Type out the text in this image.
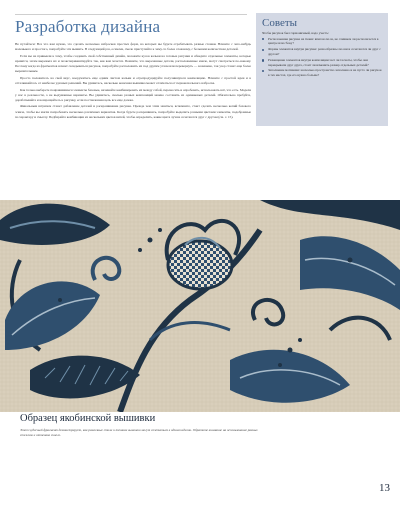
Разработка дизайна

Не пугайтесь! Все что вам нужно, это сделать несколько набросков простых форм, на которых вы будете отрабатывать разные стежки. Начните с чего-нибудь маленького и простого, попробуйте эти вышить. В следующий раз, осмелев, смело приступайте к чему-то более сложному, с большим количеством деталей.

Если вы не привыкли к тому, чтобы создавать свой собственный дизайн, положите кусок кальки на готовые рисунки и обведите отдельные элементы, которые нравятся, затем вырежьте их и поэкспериментируйте так, как вам хочется. Помните, что вырезанные детали, расположенные иначе, могут смотреться по-новому. Поэтому когда из фрагментов начнет складываться рисунок, попробуйте расположить их под другим углом или перевернуть — возможно, так узор станет еще более выразительным.

Просто положитесь на свой вкус, вооружитесь еще одним листом кальки и отрепродуцируйте получившуюся композицию. Начните с простой идеи и в отталкивайтесь от наиболее удачных решений. Вы удивитесь, насколько конечная вышивка может отличаться от первоначального наброска.

Как только выберете понравившиеся элементы базовые, начинайте комбинировать их между собой, переносить и опробовать, использовать всё, что есть. Модели у нас в реальности, а не выдуманные варианты. Вы удивитесь, сколько разных композиций можно составить из одинаковых деталей. Обязательно пробуйте, дорабатывайте и возвращайтесь к рисунку, если поставленная цель все еще далека.

Финальным штрихом станет добавление деталей и раскрашивание рисунка. Прежде чем этим заняться, вспомните, стоит сделать несколько копий базового эскиза, чтобы вы могли попробовать несколько различных вариантов. Когда будете раскрашивать, попробуйте выделить разными цветами элементы, подобранные по характеру и смыслу. Подбирайте комбинации из нескольких цветов нитей, чтобы определить, какие цвета лучше сочетаются друг с другом (см. с. 15).

Советы
Чтобы рисунок был гармоничный, надо учесть:
Расположение рисунка на ткани: вписан ли он, не слишком ли располагается в центре или сбоку?
Формы элементов внутри рисунка: разнообразны ли они и сочетаются ли друг с другом?
Размещение элементов внутри композиции: нет ли тесноты, чтобы они перекрывали друг друга, стоит ли изменить размер отдельных деталей?
Заполнение мотивами: насколько пространство заполнено и не пусто ли рисунок в тех местах, где его нужно больше?
Образец якобинской вышивки
Этот чудесный фрагмент демонстрирует, как различные стили и техники вышивки могут сочетаться в одном изделии. Обратите внимание на использование разных стежков и оттенков синего.
13
